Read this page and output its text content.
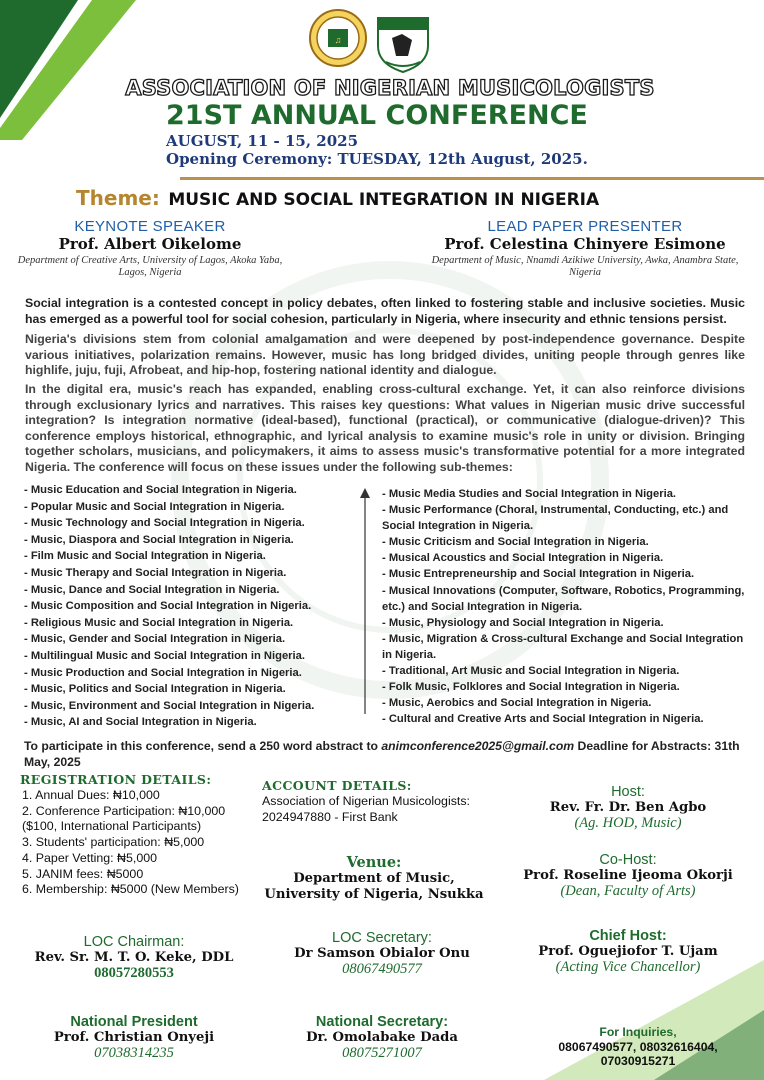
♫
ASSOCIATION OF NIGERIAN MUSICOLOGISTS
21ST ANNUAL CONFERENCE
AUGUST, 11 - 15, 2025
Opening Ceremony: TUESDAY, 12th August, 2025.
Theme: MUSIC AND SOCIAL INTEGRATION IN NIGERIA
KEYNOTE SPEAKER
Prof. Albert Oikelome
Department of Creative Arts, University of Lagos, Akoka Yaba, Lagos, Nigeria
LEAD PAPER PRESENTER
Prof. Celestina Chinyere Esimone
Department of Music, Nnamdi Azikiwe University, Awka, Anambra State, Nigeria

Social integration is a contested concept in policy debates, often linked to fostering stable and inclusive societies. Music has emerged as a powerful tool for social cohesion, particularly in Nigeria, where insecurity and ethnic tensions persist.

Nigeria's divisions stem from colonial amalgamation and were deepened by post-independence governance. Despite various initiatives, polarization remains. However, music has long bridged divides, uniting people through genres like highlife, juju, fuji, Afrobeat, and hip-hop, fostering national identity and dialogue.

In the digital era, music's reach has expanded, enabling cross-cultural exchange. Yet, it can also reinforce divisions through exclusionary lyrics and narratives. This raises key questions: What values in Nigerian music drive successful integration? Is integration normative (ideal-based), functional (practical), or communicative (dialogue-driven)? This conference employs historical, ethnographic, and lyrical analysis to examine music's role in unity or division. Bringing together scholars, musicians, and policymakers, it aims to assess music's transformative potential for a more integrated Nigeria. The conference will focus on these issues under the following sub-themes:

- Music Education and Social Integration in Nigeria.
- Popular Music and Social Integration in Nigeria.
- Music Technology and Social Integration in Nigeria.
- Music, Diaspora and Social Integration in Nigeria.
- Film Music and Social Integration in Nigeria.
- Music Therapy and Social Integration in Nigeria.
- Music, Dance and Social Integration in Nigeria.
- Music Composition and Social Integration in Nigeria.
- Religious Music and Social Integration in Nigeria.
- Music, Gender and Social Integration in Nigeria.
- Multilingual Music and Social Integration in Nigeria.
- Music Production and Social Integration in Nigeria.
- Music, Politics and Social Integration in Nigeria.
- Music, Environment and Social Integration in Nigeria.
- Music, AI and Social Integration in Nigeria.
- Music Media Studies and Social Integration in Nigeria.
- Music Performance (Choral, Instrumental, Conducting, etc.) and Social Integration in Nigeria.
- Music Criticism and Social Integration in Nigeria.
- Musical Acoustics and Social Integration in Nigeria.
- Music Entrepreneurship and Social Integration in Nigeria.
- Musical Innovations (Computer, Software, Robotics, Programming, etc.) and Social Integration in Nigeria.
- Music, Physiology and Social Integration in Nigeria.
- Music, Migration & Cross-cultural Exchange and Social Integration in Nigeria.
- Traditional, Art Music and Social Integration in Nigeria.
- Folk Music, Folklores and Social Integration in Nigeria.
- Music, Aerobics and Social Integration in Nigeria.
- Cultural and Creative Arts and Social Integration in Nigeria.

To participate in this conference, send a 250 word abstract to animconference2025@gmail.com Deadline for Abstracts: 31th May, 2025

REGISTRATION DETAILS:
1. Annual Dues: ₦10,000
2. Conference Participation: ₦10,000 ($100, International Participants)
3. Students' participation: ₦5,000
4. Paper Vetting: ₦5,000
5. JANIM fees: ₦5000
6. Membership: ₦5000 (New Members)
ACCOUNT DETAILS:
Association of Nigerian Musicologists:
2024947880 - First Bank
Venue:
Department of Music,
University of Nigeria, Nsukka
Host:
Rev. Fr. Dr. Ben Agbo
(Ag. HOD, Music)
Co-Host:
Prof. Roseline Ijeoma Okorji
(Dean, Faculty of Arts)
Chief Host:
Prof. Oguejiofor T. Ujam
(Acting Vice Chancellor)
LOC Chairman:
Rev. Sr. M. T. O. Keke, DDL
08057280553
LOC Secretary:
Dr Samson Obialor Onu
08067490577
National President
Prof. Christian Onyeji
07038314235
National Secretary:
Dr. Omolabake Dada
08075271007
For Inquiries,
08067490577, 08032616404,
07030915271
